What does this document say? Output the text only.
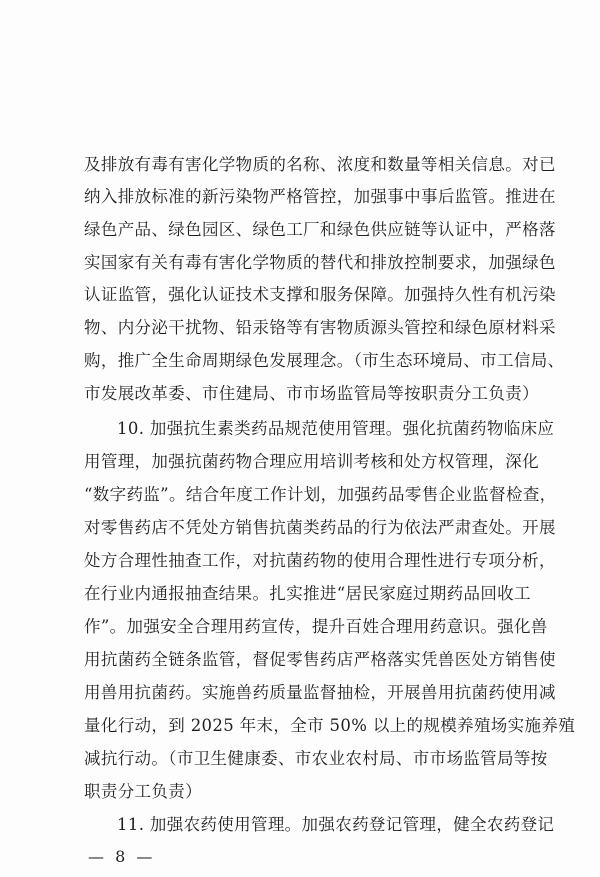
及排放有毒有害化学物质的名称、浓度和数量等相关信息。对已
纳入排放标准的新污染物严格管控，加强事中事后监管。推进在
绿色产品、绿色园区、绿色工厂和绿色供应链等认证中，严格落
实国家有关有毒有害化学物质的替代和排放控制要求，加强绿色
认证监管，强化认证技术支撑和服务保障。加强持久性有机污染
物、内分泌干扰物、铅汞铬等有害物质源头管控和绿色原材料采
购，推广全生命周期绿色发展理念。（市生态环境局、市工信局、
市发展改革委、市住建局、市市场监管局等按职责分工负责）
10. 加强抗生素类药品规范使用管理。强化抗菌药物临床应
用管理，加强抗菌药物合理应用培训考核和处方权管理，深化
“数字药监”。结合年度工作计划，加强药品零售企业监督检查，
对零售药店不凭处方销售抗菌类药品的行为依法严肃查处。开展
处方合理性抽查工作，对抗菌药物的使用合理性进行专项分析，
在行业内通报抽查结果。扎实推进“居民家庭过期药品回收工
作”。加强安全合理用药宣传，提升百姓合理用药意识。强化兽
用抗菌药全链条监管，督促零售药店严格落实凭兽医处方销售使
用兽用抗菌药。实施兽药质量监督抽检，开展兽用抗菌药使用减
量化行动，到 2025 年末，全市 50% 以上的规模养殖场实施养殖
减抗行动。（市卫生健康委、市农业农村局、市市场监管局等按
职责分工负责）
11. 加强农药使用管理。加强农药登记管理，健全农药登记
— 8 —
